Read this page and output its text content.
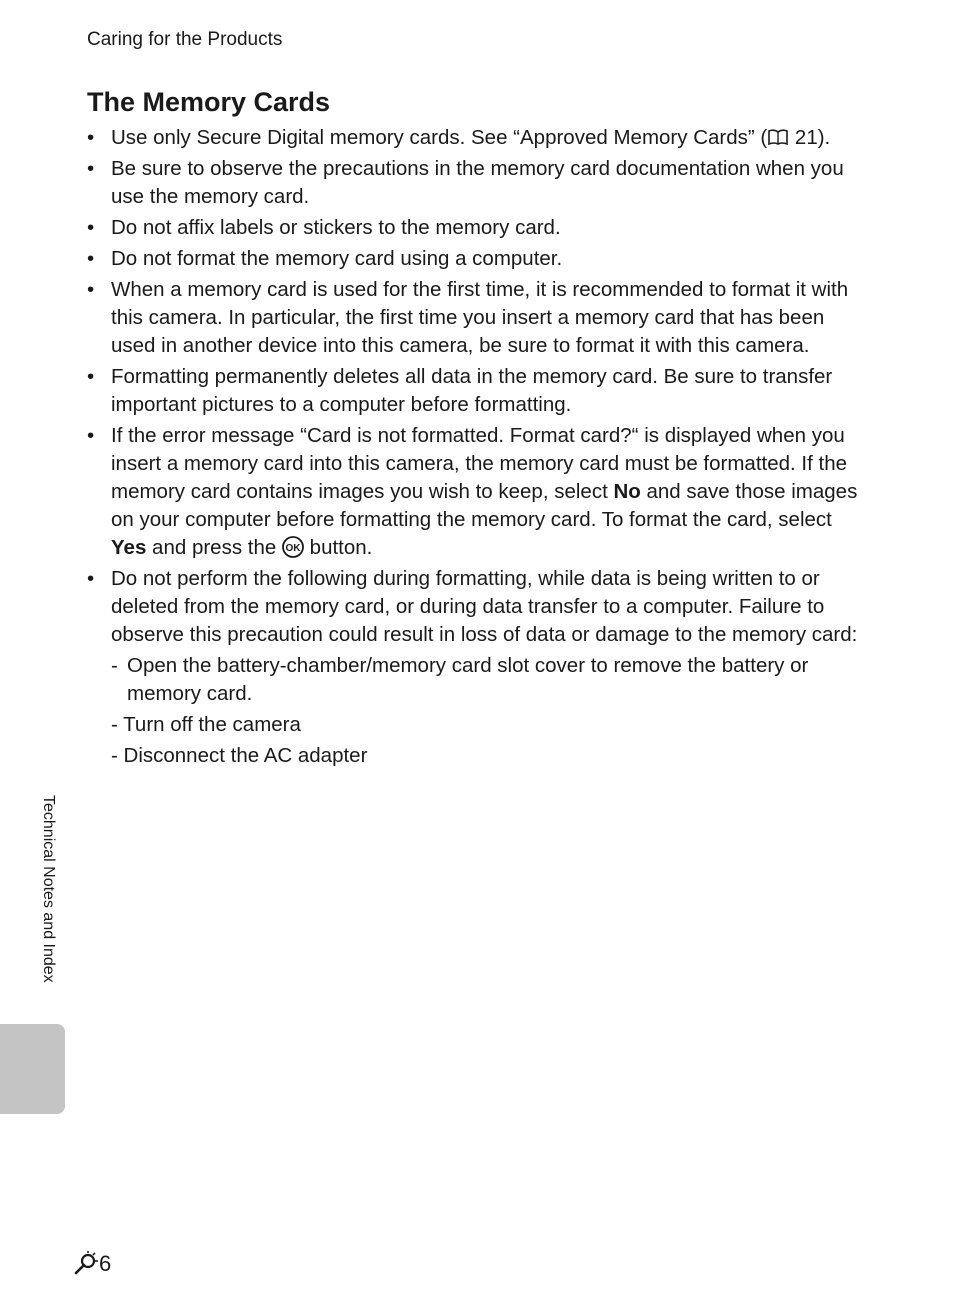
Caring for the Products
The Memory Cards

• Use only Secure Digital memory cards. See “Approved Memory Cards” ( 21).

• Be sure to observe the precautions in the memory card documentation when you use the memory card.

• Do not affix labels or stickers to the memory card.

• Do not format the memory card using a computer.

• When a memory card is used for the first time, it is recommended to format it with this camera. In particular, the first time you insert a memory card that has been used in another device into this camera, be sure to format it with this camera.

• Formatting permanently deletes all data in the memory card. Be sure to transfer important pictures to a computer before formatting.

• If the error message “Card is not formatted. Format card?“ is displayed when you insert a memory card into this camera, the memory card must be formatted. If the memory card contains images you wish to keep, select No and save those images on your computer before formatting the memory card. To format the card, select Yes and press the OK button.

• Do not perform the following during formatting, while data is being written to or deleted from the memory card, or during data transfer to a computer. Failure to observe this precaution could result in loss of data or damage to the memory card:

- Open the battery-chamber/memory card slot cover to remove the battery or memory card.

- Turn off the camera

- Disconnect the AC adapter

Technical Notes and Index
6
